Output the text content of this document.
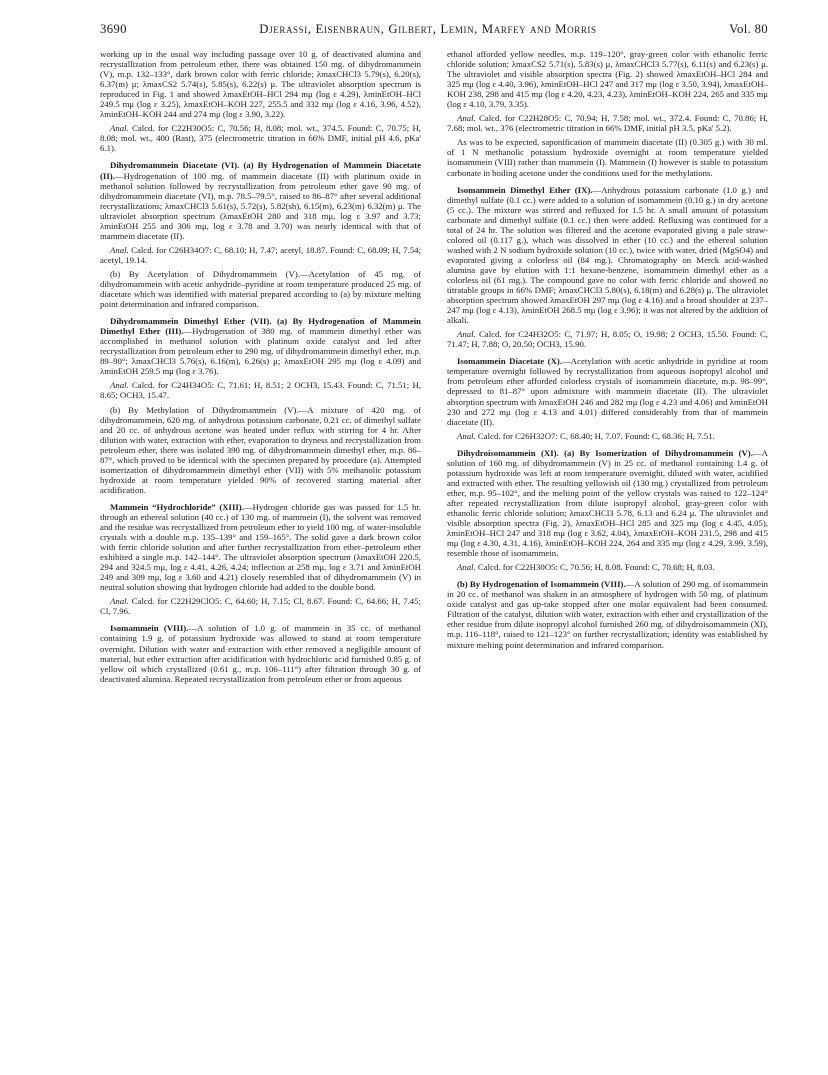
3690	Djerassi, Eisenbraun, Gilbert, Lemin, Marfey and Morris	Vol. 80

working up in the usual way including passage over 10 g. of deactivated alumina and recrystallization from petroleum ether, there was obtained 150 mg. of dihydromammein (V), m.p. 132–133°, dark brown color with ferric chloride; λmaxCHCl3 5.79(s), 6.20(s), 6.37(m) μ; λmaxCS2 5.74(s), 5.85(s), 6.22(s) μ. The ultraviolet absorption spectrum is reproduced in Fig. 1 and showed λmaxEtOH–HCl 294 mμ (log ε 4.29), λminEtOH–HCl 249.5 mμ (log ε 3.25), λmaxEtOH–KOH 227, 255.5 and 332 mμ (log ε 4.16, 3.96, 4.52), λminEtOH–KOH 244 and 274 mμ (log ε 3.90, 3.22).

Anal. Calcd. for C22H30O5: C, 70.56; H, 8.08; mol. wt., 374.5. Found: C, 70.75; H, 8.08; mol. wt., 400 (Rast), 375 (electrometric titration in 66% DMF, initial pH 4.6, pKa' 6.1).

Dihydromammein Diacetate (VI). (a) By Hydrogenation of Mammein Diacetate (II).—Hydrogenation of 100 mg. of mammein diacetate (II) with platinum oxide in methanol solution followed by recrystallization from petroleum ether gave 90 mg. of dihydromammein diacetate (VI), m.p. 78.5–79.5°, raised to 86–87° after several additional recrystallizations; λmaxCHCl3 5.61(s), 5.72(s), 5.82(sh), 6.15(m), 6.23(m) 6.32(m) μ. The ultraviolet absorption spectrum (λmaxEtOH 280 and 318 mμ, log ε 3.97 and 3.73; λminEtOH 255 and 306 mμ, log ε 3.78 and 3.70) was nearly identical with that of mammein diacetate (II).

Anal. Calcd. for C26H34O7: C, 68.10; H, 7.47; acetyl, 18.87. Found: C, 68.09; H, 7.54; acetyl, 19.14.

(b) By Acetylation of Dihydromammein (V).—Acetylation of 45 mg. of dihydromammein with acetic anhydride–pyridine at room temperature produced 25 mg. of diacetate which was identified with material prepared according to (a) by mixture melting point determination and infrared comparison.

Dihydromammein Dimethyl Ether (VII). (a) By Hydrogenation of Mammein Dimethyl Ether (III).—Hydrogenation of 380 mg. of mammein dimethyl ether was accomplished in methanol solution with platinum oxide catalyst and led after recrystallization from petroleum ether to 290 mg. of dihydromammein dimethyl ether, m.p. 89–90°; λmaxCHCl3 5.76(s), 6.16(m), 6.26(s) μ; λmaxEtOH 295 mμ (log ε 4.09) and λminEtOH 259.5 mμ (log ε 3.76).

Anal. Calcd. for C24H34O5: C, 71.61; H, 8.51; 2 OCH3, 15.43. Found: C, 71.51; H, 8.65; OCH3, 15.47.

(b) By Methylation of Dihydromammein (V).—A mixture of 420 mg. of dihydromammein, 620 mg. of anhydrous potassium carbonate, 0.21 cc. of dimethyl sulfate and 20 cc. of anhydrous acetone was heated under reflux with stirring for 4 hr. After dilution with water, extraction with ether, evaporation to dryness and recrystallization from petroleum ether, there was isolated 390 mg. of dihydromammein dimethyl ether, m.p. 86–87°, which proved to be identical with the specimen prepared by procedure (a). Attempted isomerization of dihydromammein dimethyl ether (VII) with 5% methanolic potassium hydroxide at room temperature yielded 90% of recovered starting material after acidification.

Mammein “Hydrochloride” (XIII).—Hydrogen chloride gas was passed for 1.5 hr. through an ethereal solution (40 cc.) of 130 mg. of mammein (I), the solvent was removed and the residue was recrystallized from petroleum ether to yield 100 mg. of water-insoluble crystals with a double m.p. 135–139° and 159–165°. The solid gave a dark brown color with ferric chloride solution and after further recrystallization from ether–petroleum ether exhibited a single m.p. 142–144°. The ultraviolet absorption spectrum (λmaxEtOH 220.5, 294 and 324.5 mμ, log ε 4.41, 4.26, 4.24; inflection at 258 mμ, log ε 3.71 and λminEtOH 249 and 309 mμ, log ε 3.60 and 4.21) closely resembled that of dihydromammein (V) in neutral solution showing that hydrogen chloride had added to the double bond.

Anal. Calcd. for C22H29ClO5: C, 64.60; H, 7.15; Cl, 8.67. Found: C, 64.66; H, 7.45; Cl, 7.96.

Isomammein (VIII).—A solution of 1.0 g. of mammein in 35 cc. of methanol containing 1.9 g. of potassium hydroxide was allowed to stand at room temperature overnight. Dilution with water and extraction with ether removed a negligible amount of material, but ether extraction after acidification with hydrochloric acid furnished 0.85 g. of yellow oil which crystallized (0.61 g., m.p. 106–111°) after filtration through 30 g. of deactivated alumina. Repeated recrystallization from petroleum ether or from aqueous

ethanol afforded yellow needles, m.p. 119–120°, gray-green color with ethanolic ferric chloride solution; λmaxCS2 5.71(s), 5.83(s) μ, λmaxCHCl3 5.77(s), 6.11(s) and 6.23(s) μ. The ultraviolet and visible absorption spectra (Fig. 2) showed λmaxEtOH–HCl 284 and 325 mμ (log ε 4.40, 3.96), λminEtOH–HCl 247 and 317 mμ (log ε 3.50, 3.94), λmaxEtOH–KOH 238, 298 and 415 mμ (log ε 4.20, 4.23, 4.23), λminEtOH–KOH 224, 265 and 335 mμ (log ε 4.10, 3.79, 3.35).

Anal. Calcd. for C22H28O5: C, 70.94; H, 7.58; mol. wt., 372.4. Found: C, 70.86; H, 7.68; mol. wt., 376 (electrometric titration in 66% DMF, initial pH 3.5, pKa' 5.2).

As was to be expected, saponification of mammein diacetate (II) (0.305 g.) with 30 ml. of 1 N methanolic potassium hydroxide overnight at room temperature yielded isomammein (VIII) rather than mammein (I). Mammein (I) however is stable to potassium carbonate in boiling acetone under the conditions used for the methylations.

Isomammein Dimethyl Ether (IX).—Anhydrous potassium carbonate (1.0 g.) and dimethyl sulfate (0.1 cc.) were added to a solution of isomammein (0.10 g.) in dry acetone (5 cc.). The mixture was stirred and refluxed for 1.5 hr. A small amount of potassium carbonate and dimethyl sulfate (0.1 cc.) then were added. Refluxing was continued for a total of 24 hr. The solution was filtered and the acetone evaporated giving a pale straw-colored oil (0.117 g.), which was dissolved in ether (10 cc.) and the ethereal solution washed with 2 N sodium hydroxide solution (10 cc.), twice with water, dried (MgSO4) and evaporated giving a colorless oil (84 mg.). Chromatography on Merck acid-washed alumina gave by elution with 1:1 hexane-benzene, isomammein dimethyl ether as a colorless oil (61 mg.). The compound gave no color with ferric chloride and showed no titratable groups in 66% DMF; λmaxCHCl3 5.80(s), 6.18(m) and 6.28(s) μ. The ultraviolet absorption spectrum showed λmaxEtOH 297 mμ (log ε 4.16) and a broad shoulder at 237–247 mμ (log ε 4.13), λminEtOH 268.5 mμ (log ε 3.96); it was not altered by the addition of alkali.

Anal. Calcd. for C24H32O5: C, 71.97; H, 8.05; O, 19.98; 2 OCH3, 15.50. Found: C, 71.47; H, 7.88; O, 20.50; OCH3, 15.90.

Isomammein Diacetate (X).—Acetylation with acetic anhydride in pyridine at room temperature overnight followed by recrystallization from aqueous isopropyl alcohol and from petroleum ether afforded colorless crystals of isomammein diacetate, m.p. 98–99°, depressed to 81–87° upon admixture with mammein diacetate (II). The ultraviolet absorption spectrum with λmaxEtOH 246 and 282 mμ (log ε 4.23 and 4.06) and λminEtOH 230 and 272 mμ (log ε 4.13 and 4.01) differed considerably from that of mammein diacetate (II).

Anal. Calcd. for C26H32O7: C, 68.40; H, 7.07. Found: C, 68.36; H, 7.51.

Dihydroisomammein (XI). (a) By Isomerization of Dihydromammein (V).—A solution of 160 mg. of dihydromammein (V) in 25 cc. of methanol containing 1.4 g. of potassium hydroxide was left at room temperature overnight, diluted with water, acidified and extracted with ether. The resulting yellowish oil (130 mg.) crystallized from petroleum ether, m.p. 95–102°, and the melting point of the yellow crystals was raised to 122–124° after repeated recrystallization from dilute isopropyl alcohol, gray-green color with ethanolic ferric chloride solution; λmaxCHCl3 5.78, 6.13 and 6.24 μ. The ultraviolet and visible absorption spectra (Fig. 2), λmaxEtOH–HCl 285 and 325 mμ (log ε 4.45, 4.05), λminEtOH–HCl 247 and 318 mμ (log ε 3.62, 4.04), λmaxEtOH–KOH 231.5, 298 and 415 mμ (log ε 4.30, 4.31, 4.16), λminEtOH–KOH 224, 264 and 335 mμ (log ε 4.29, 3.99, 3.59), resemble those of isomammein.

Anal. Calcd. for C22H30O5: C, 70.56; H, 8.08. Found: C, 70.68; H, 8.03.

(b) By Hydrogenation of Isomammein (VIII).—A solution of 290 mg. of isomammein in 20 cc. of methanol was shaken in an atmosphere of hydrogen with 50 mg. of platinum oxide catalyst and gas up-take stopped after one molar equivalent had been consumed. Filtration of the catalyst, dilution with water, extraction with ether and crystallization of the ether residue from dilute isopropyl alcohol furnished 260 mg. of dihydroisomammein (XI), m.p. 116–118°, raised to 121–123° on further recrystallization; identity was established by mixture melting point determination and infrared comparison.
